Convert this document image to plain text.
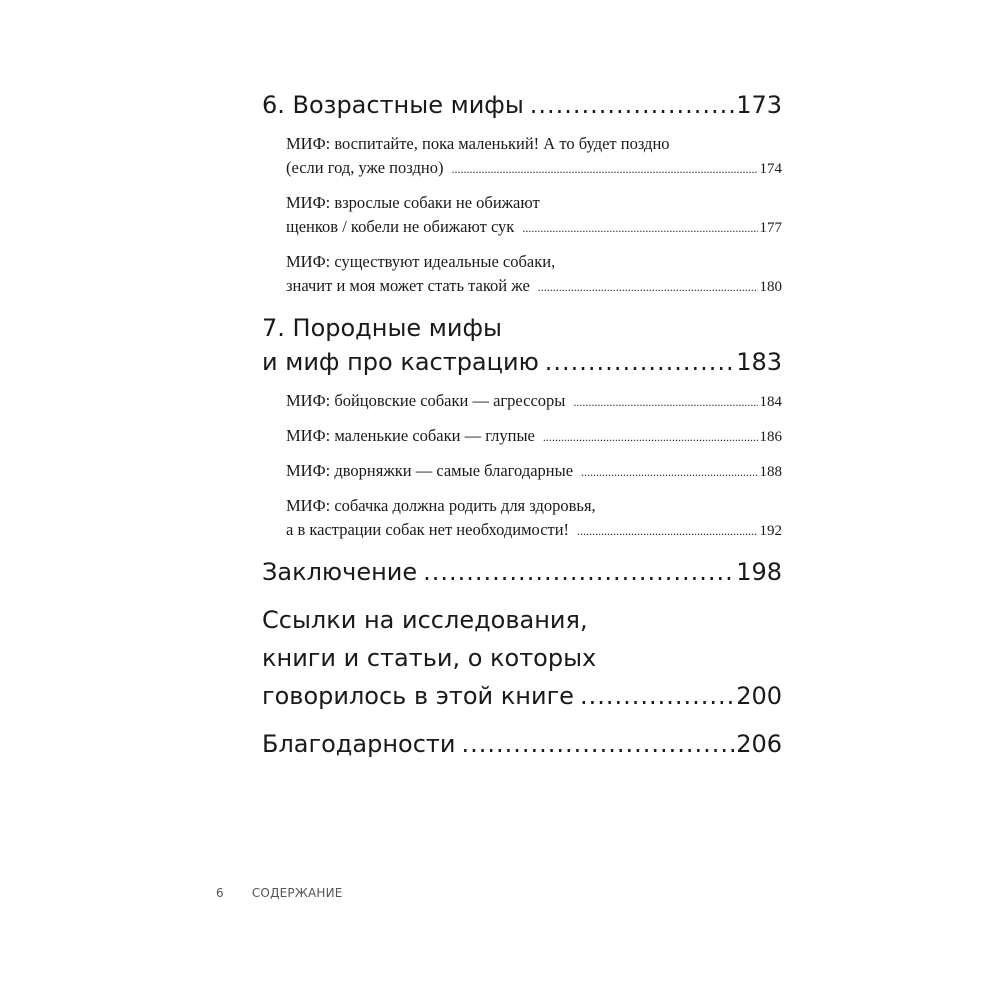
6. Возрастные мифы .....	173
МИФ: воспитайте, пока маленький! А то будет поздно
(если год, уже поздно) .....	174
МИФ: взрослые собаки не обижают
щенков / кобели не обижают сук .....	177
МИФ: существуют идеальные собаки,
значит и моя может стать такой же .....	180
7. Породные мифы
и миф про кастрацию .....	183
МИФ: бойцовские собаки — агрессоры .....	184
МИФ: маленькие собаки — глупые .....	186
МИФ: дворняжки — самые благодарные .....	188
МИФ: собачка должна родить для здоровья,
а в кастрации собак нет необходимости! .....	192
Заключение .....	198
Ссылки на исследования,
книги и статьи, о которых
говорилось в этой книге .....	200
Благодарности .....	206
6 СОДЕРЖАНИЕ
